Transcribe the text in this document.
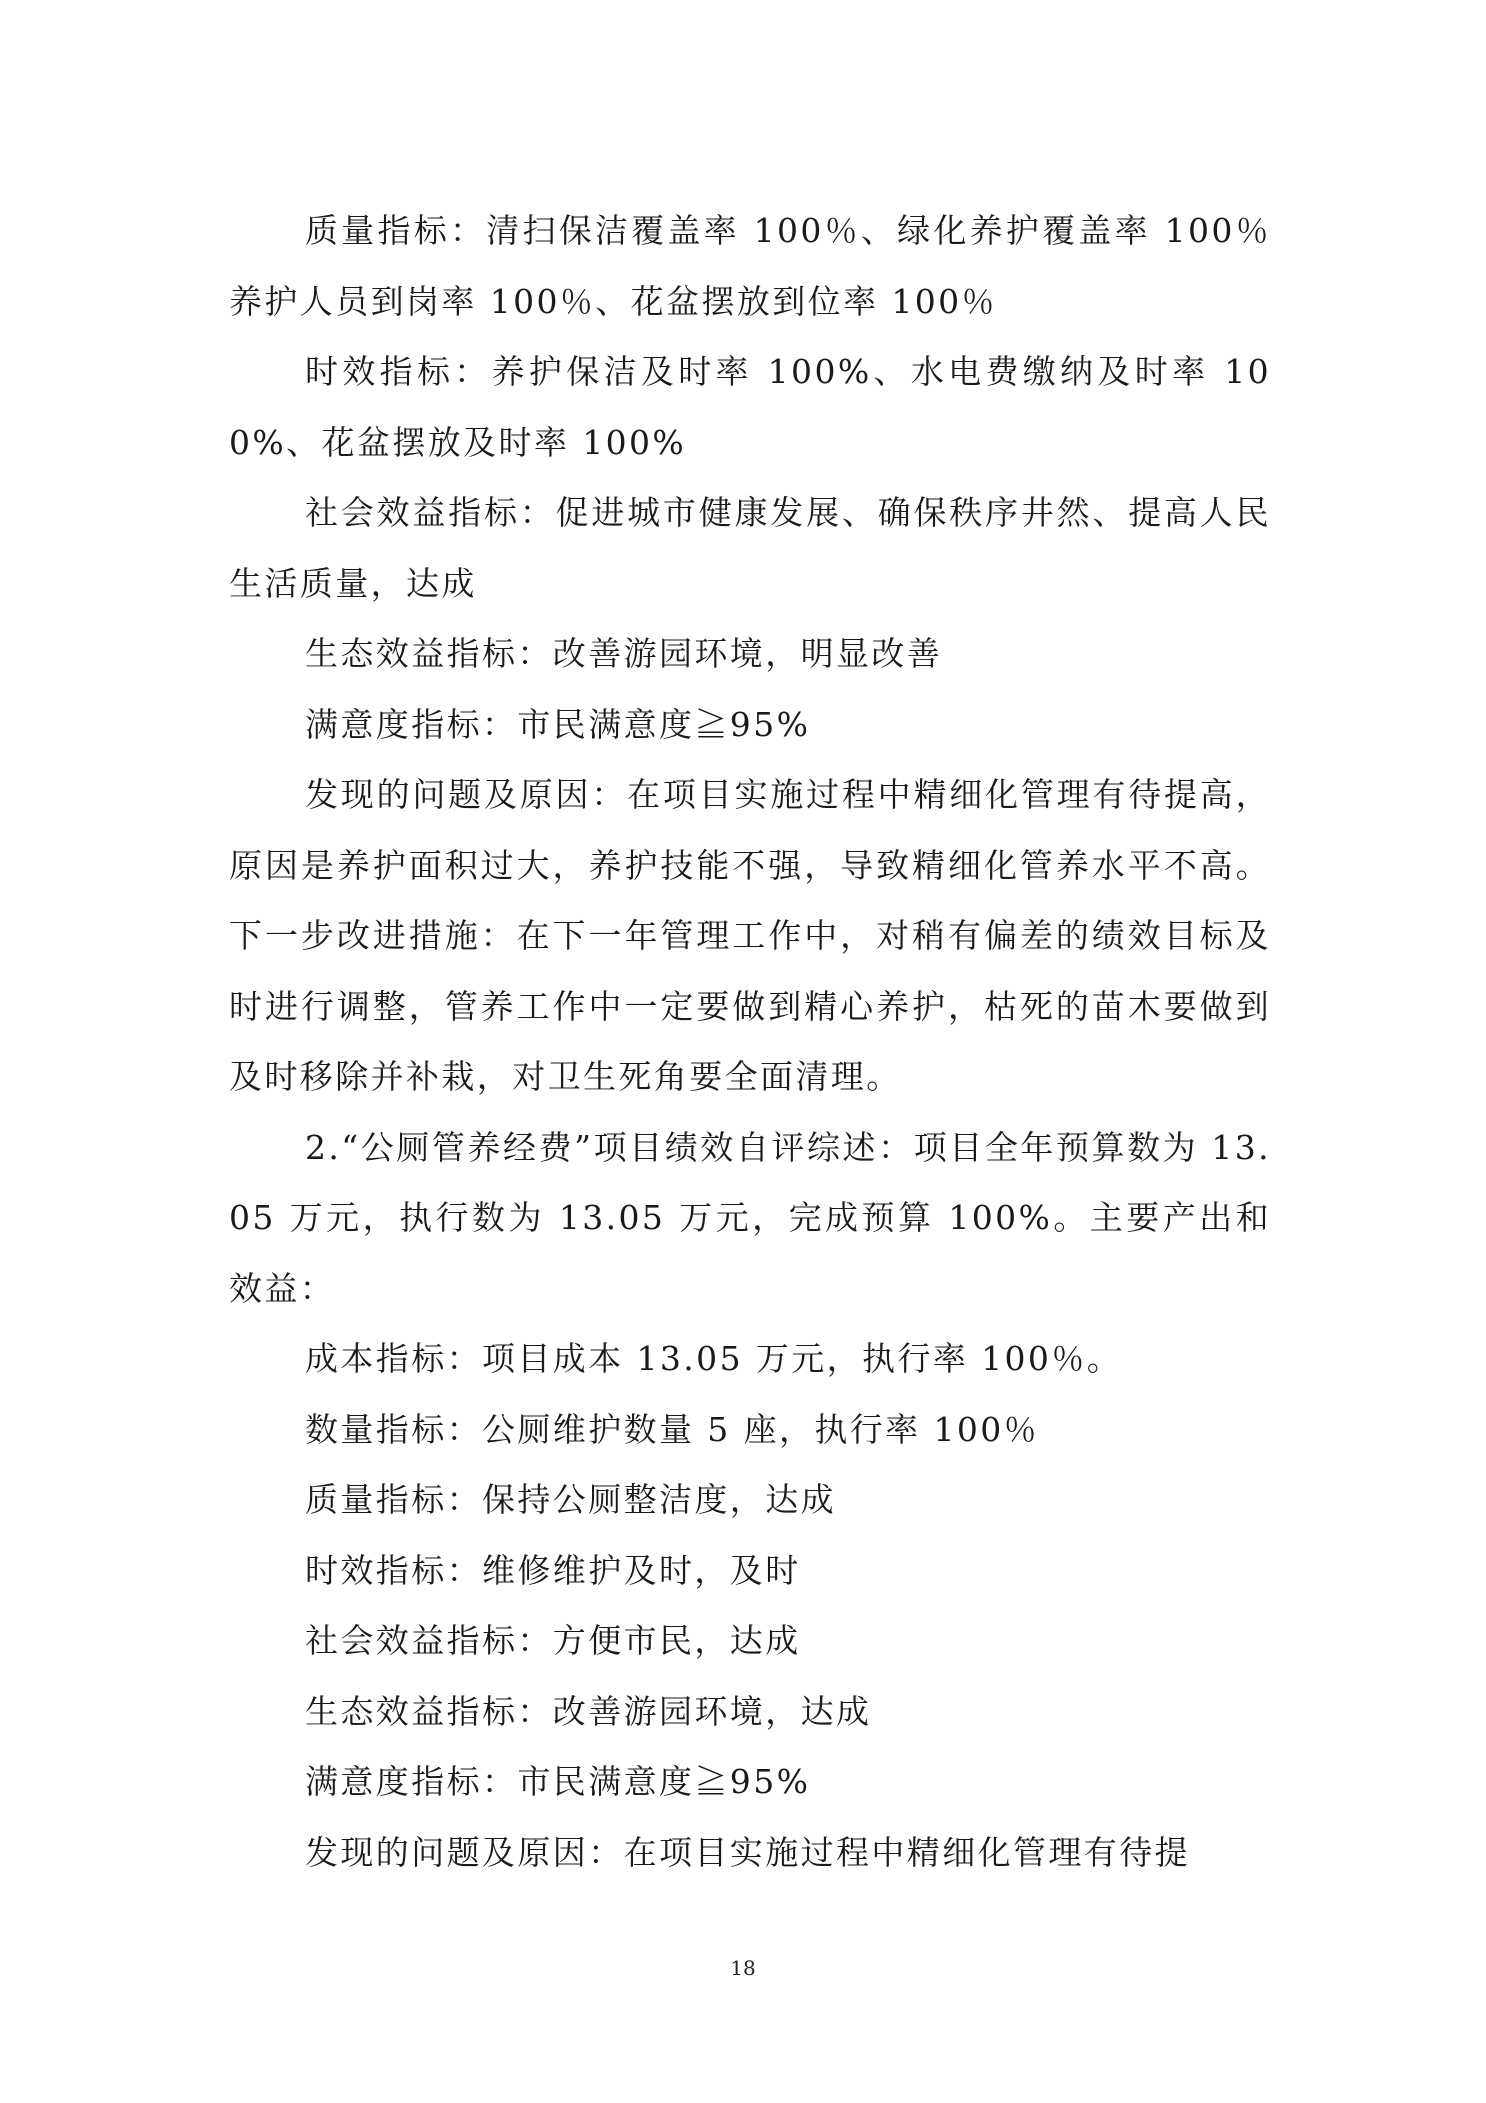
质量指标：清扫保洁覆盖率 100％、绿化养护覆盖率 100％养护人员到岗率 100％、花盆摆放到位率 100％

时效指标：养护保洁及时率 100%、水电费缴纳及时率 100%、花盆摆放及时率 100%

社会效益指标：促进城市健康发展、确保秩序井然、提高人民生活质量，达成

生态效益指标：改善游园环境，明显改善

满意度指标：市民满意度≧95%

发现的问题及原因：在项目实施过程中精细化管理有待提高，原因是养护面积过大，养护技能不强，导致精细化管养水平不高。下一步改进措施：在下一年管理工作中，对稍有偏差的绩效目标及时进行调整，管养工作中一定要做到精心养护，枯死的苗木要做到及时移除并补栽，对卫生死角要全面清理。

2.“公厕管养经费”项目绩效自评综述：项目全年预算数为 13.05 万元，执行数为 13.05 万元，完成预算 100%。主要产出和效益：

成本指标：项目成本 13.05 万元，执行率 100％。

数量指标：公厕维护数量 5 座，执行率 100％

质量指标：保持公厕整洁度，达成

时效指标：维修维护及时，及时

社会效益指标：方便市民，达成

生态效益指标：改善游园环境，达成

满意度指标：市民满意度≧95%

发现的问题及原因：在项目实施过程中精细化管理有待提

18
